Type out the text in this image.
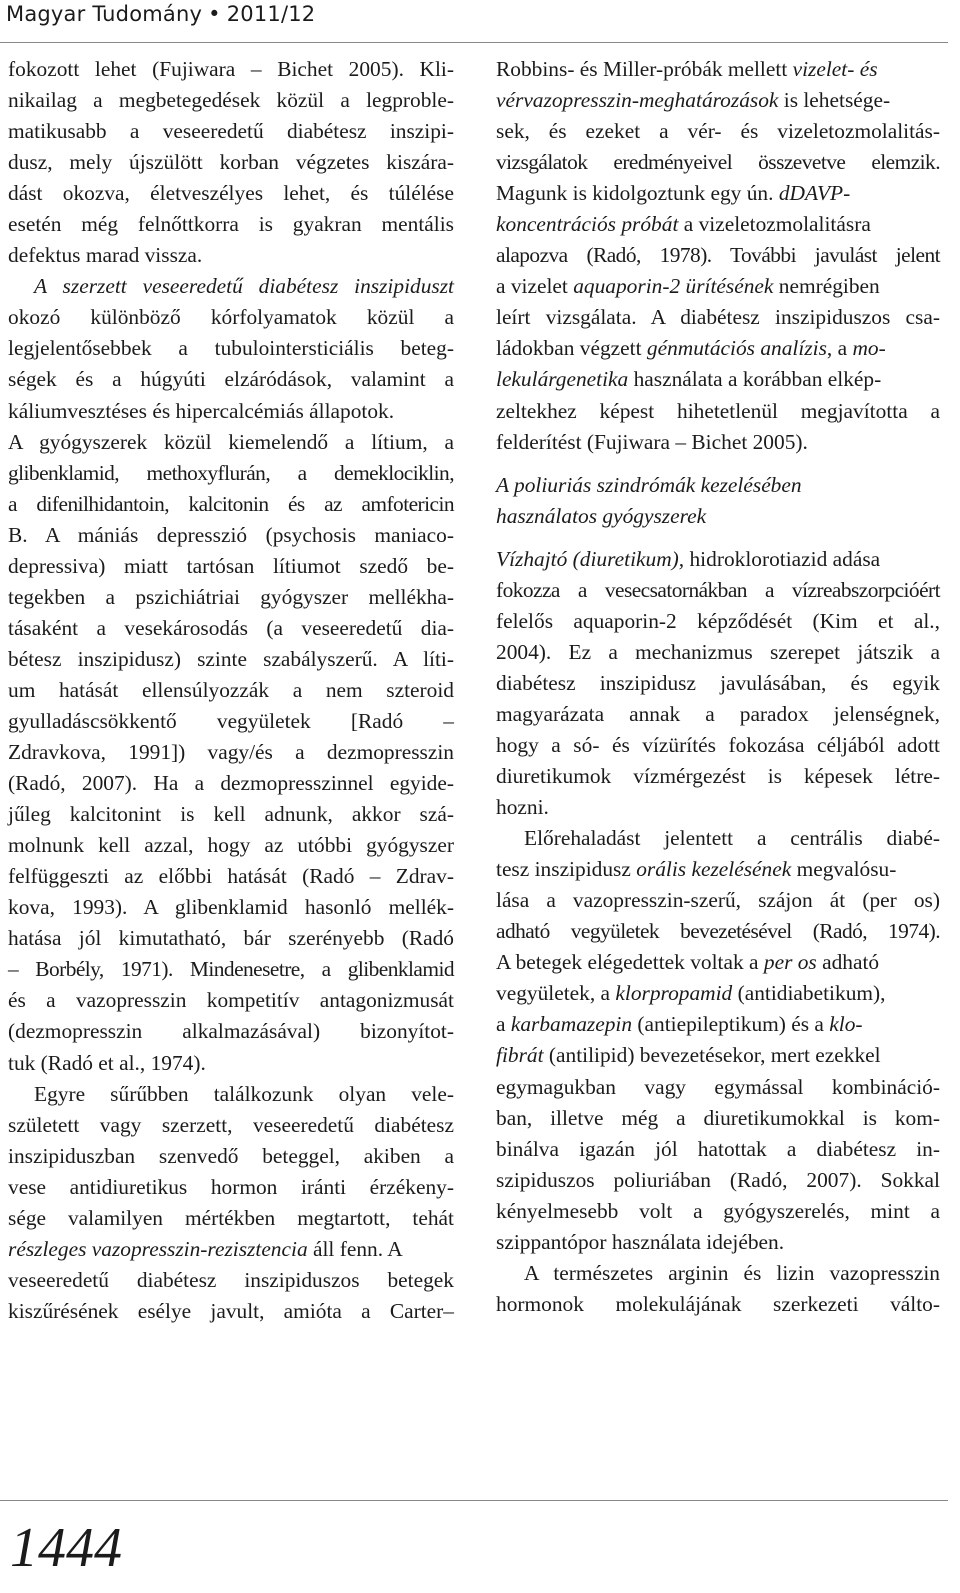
Magyar Tudomány • 2011/12
fokozott lehet (Fujiwara – Bichet 2005). Kli-
nikailag a megbetegedések közül a legproble-
matikusabb a veseeredetű diabétesz inszipi-
dusz, mely újszülött korban végzetes kiszára-
dást okozva, életveszélyes lehet, és túlélése
esetén még felnőttkorra is gyakran mentális
defektus marad vissza.
A szerzett veseeredetű diabétesz inszipiduszt
okozó különböző kórfolyamatok közül a
legjelentősebbek a tubulointersticiális beteg-
ségek és a húgyúti elzáródások, valamint a
káliumvesztéses és hipercalcémiás állapotok.
A gyógyszerek közül kiemelendő a lítium, a
glibenklamid, methoxyflurán, a demeklociklin,
a difenilhidantoin, kalcitonin és az amfotericin
B. A mániás depresszió (psychosis maniaco-
depressiva) miatt tartósan lítiumot szedő be-
tegekben a pszichiátriai gyógyszer mellékha-
tásaként a vesekárosodás (a veseeredetű dia-
bétesz inszipidusz) szinte szabályszerű. A líti-
um hatását ellensúlyozzák a nem szteroid
gyulladáscsökkentő vegyületek [Radó –
Zdravkova, 1991]) vagy/és a dezmopresszin
(Radó, 2007). Ha a dezmopresszinnel egyide-
jűleg kalcitonint is kell adnunk, akkor szá-
molnunk kell azzal, hogy az utóbbi gyógyszer
felfüggeszti az előbbi hatását (Radó – Zdrav-
kova, 1993). A glibenklamid hasonló mellék-
hatása jól kimutatható, bár szerényebb (Radó
– Borbély, 1971). Mindenesetre, a glibenklamid
és a vazopresszin kompetitív antagonizmusát
(dezmopresszin alkalmazásával) bizonyítot-
tuk (Radó et al., 1974).
Egyre sűrűbben találkozunk olyan vele-
született vagy szerzett, veseeredetű diabétesz
inszipiduszban szenvedő beteggel, akiben a
vese antidiuretikus hormon iránti érzékeny-
sége valamilyen mértékben megtartott, tehát
részleges vazopresszin-rezisztencia áll fenn. A
veseeredetű diabétesz inszipiduszos betegek
kiszűrésének esélye javult, amióta a Carter–
Robbins- és Miller-próbák mellett vizelet- és
vérvazopresszin-meghatározások is lehetsége-
sek, és ezeket a vér- és vizeletozmolalitás-
vizsgálatok eredményeivel összevetve elemzik.
Magunk is kidolgoztunk egy ún. dDAVP-
koncentrációs próbát a vizeletozmolalitásra
alapozva (Radó, 1978). További javulást jelent
a vizelet aquaporin-2 ürítésének nemrégiben
leírt vizsgálata. A diabétesz inszipiduszos csa-
ládokban végzett génmutációs analízis, a mo-
lekulárgenetika használata a korábban elkép-
zeltekhez képest hihetetlenül megjavította a
felderítést (Fujiwara – Bichet 2005).
A poliuriás szindrómák kezelésében
használatos gyógyszerek
Vízhajtó (diuretikum), hidroklorotiazid adása
fokozza a vesecsatornákban a vízreabszorpcióért
felelős aquaporin-2 képződését (Kim et al.,
2004). Ez a mechanizmus szerepet játszik a
diabétesz inszipidusz javulásában, és egyik
magyarázata annak a paradox jelenségnek,
hogy a só- és vízürítés fokozása céljából adott
diuretikumok vízmérgezést is képesek létre-
hozni.
Előrehaladást jelentett a centrális diabé-
tesz inszipidusz orális kezelésének megvalósu-
lása a vazopresszin-szerű, szájon át (per os)
adható vegyületek bevezetésével (Radó, 1974).
A betegek elégedettek voltak a per os adható
vegyületek, a klorpropamid (antidiabetikum),
a karbamazepin (antiepileptikum) és a klo-
fibrát (antilipid) bevezetésekor, mert ezekkel
egymagukban vagy egymással kombináció-
ban, illetve még a diuretikumokkal is kom-
binálva igazán jól hatottak a diabétesz in-
szipiduszos poliuriában (Radó, 2007). Sokkal
kényelmesebb volt a gyógyszerelés, mint a
szippantópor használata idejében.
A természetes arginin és lizin vazopresszin
hormonok molekulájának szerkezeti válto-
1444
